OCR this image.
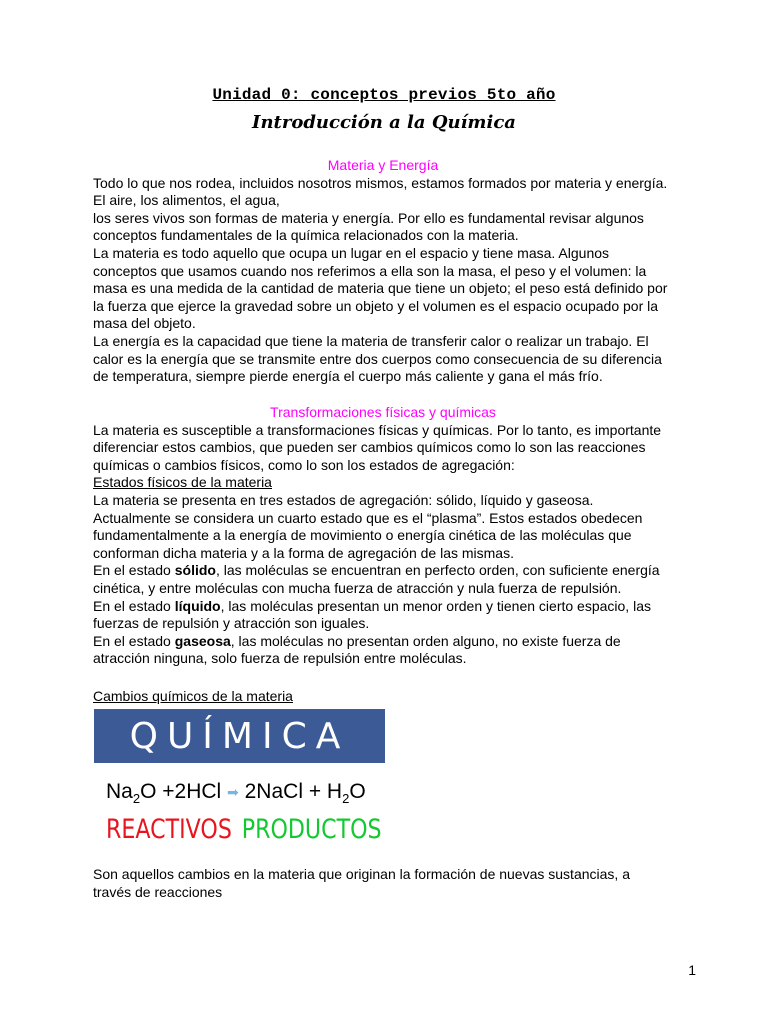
Unidad 0: conceptos previos 5to año
Introducción a la Química
Materia y Energía
Todo lo que nos rodea, incluidos nosotros mismos, estamos formados por materia y energía.
El aire, los alimentos, el agua,
los seres vivos son formas de materia y energía. Por ello es fundamental revisar algunos
conceptos fundamentales de la química relacionados con la materia.
La materia es todo aquello que ocupa un lugar en el espacio y tiene masa. Algunos
conceptos que usamos cuando nos referimos a ella son la masa, el peso y el volumen: la
masa es una medida de la cantidad de materia que tiene un objeto; el peso está definido por
la fuerza que ejerce la gravedad sobre un objeto y el volumen es el espacio ocupado por la
masa del objeto.
La energía es la capacidad que tiene la materia de transferir calor o realizar un trabajo. El
calor es la energía que se transmite entre dos cuerpos como consecuencia de su diferencia
de temperatura, siempre pierde energía el cuerpo más caliente y gana el más frío.
Transformaciones físicas y químicas
La materia es susceptible a transformaciones físicas y químicas. Por lo tanto, es importante
diferenciar estos cambios, que pueden ser cambios químicos como lo son las reacciones
químicas o cambios físicos, como lo son los estados de agregación:
Estados físicos de la materia
La materia se presenta en tres estados de agregación: sólido, líquido y gaseosa.
Actualmente se considera un cuarto estado que es el “plasma”. Estos estados obedecen
fundamentalmente a la energía de movimiento o energía cinética de las moléculas que
conforman dicha materia y a la forma de agregación de las mismas.
En el estado sólido, las moléculas se encuentran en perfecto orden, con suficiente energía
cinética, y entre moléculas con mucha fuerza de atracción y nula fuerza de repulsión.
En el estado líquido, las moléculas presentan un menor orden y tienen cierto espacio, las
fuerzas de repulsión y atracción son iguales.
En el estado gaseosa, las moléculas no presentan orden alguno, no existe fuerza de
atracción ninguna, solo fuerza de repulsión entre moléculas.
Cambios químicos de la materia
QUÍMICA
$Na_2O +2HCl$ ➡ 2NaCl + $H_2O$
REACTIVOS PRODUCTOS
Son aquellos cambios en la materia que originan la formación de nuevas sustancias, a
través de reacciones
1
